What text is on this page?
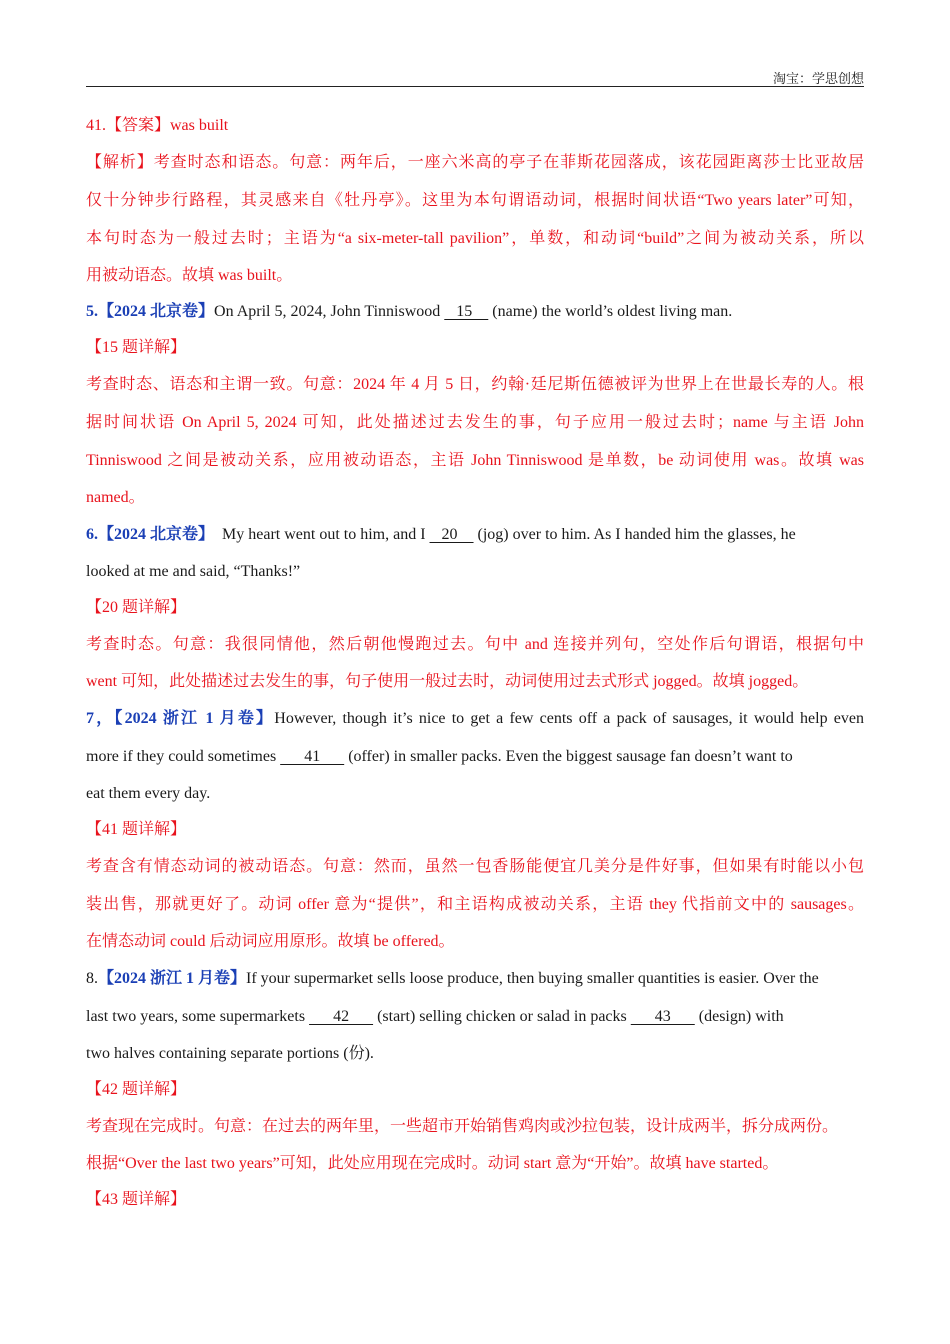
淘宝：学思创想
41.【答案】was built
【解析】考查时态和语态。句意：两年后，一座六米高的亭子在菲斯花园落成，该花园距离莎士比亚故居
仅十分钟步行路程，其灵感来自《牡丹亭》。这里为本句谓语动词，根据时间状语“Two years later”可知，
本句时态为一般过去时；主语为“a six-meter-tall pavilion”，单数，和动词“build”之间为被动关系，所以
用被动语态。故填 was built。
5.【2024 北京卷】On April 5, 2024, John Tinniswood    15     (name) the world’s oldest living man.
【15 题详解】
考查时态、语态和主谓一致。句意：2024 年 4 月 5 日，约翰·廷尼斯伍德被评为世界上在世最长寿的人。根
据时间状语 On April 5, 2024 可知，此处描述过去发生的事，句子应用一般过去时；name 与主语 John
Tinniswood 之间是被动关系，应用被动语态，主语 John Tinniswood 是单数，be 动词使用 was。故填 was
named。
6.【2024 北京卷】  My heart went out to him, and I    20     (jog) over to him. As I handed him the glasses, he
looked at me and said, “Thanks!”
【20 题详解】
考查时态。句意：我很同情他，然后朝他慢跑过去。句中 and 连接并列句，空处作后句谓语，根据句中
went 可知，此处描述过去发生的事，句子使用一般过去时，动词使用过去式形式 jogged。故填 jogged。
7，【2024 浙江 1 月卷】However, though it’s nice to get a few cents off a pack of sausages, it would help even
more if they could sometimes       41       (offer) in smaller packs. Even the biggest sausage fan doesn’t want to
eat them every day.
【41 题详解】
考查含有情态动词的被动语态。句意：然而，虽然一包香肠能便宜几美分是件好事，但如果有时能以小包
装出售，那就更好了。动词 offer 意为“提供”，和主语构成被动关系，主语 they 代指前文中的 sausages。
在情态动词 could 后动词应用原形。故填 be offered。
8.【2024 浙江 1 月卷】If your supermarket sells loose produce, then buying smaller quantities is easier. Over the
last two years, some supermarkets       42       (start) selling chicken or salad in packs       43       (design) with
two halves containing separate portions (份).
【42 题详解】
考查现在完成时。句意：在过去的两年里，一些超市开始销售鸡肉或沙拉包装，设计成两半，拆分成两份。
根据“Over the last two years”可知，此处应用现在完成时。动词 start 意为“开始”。故填 have started。
【43 题详解】
